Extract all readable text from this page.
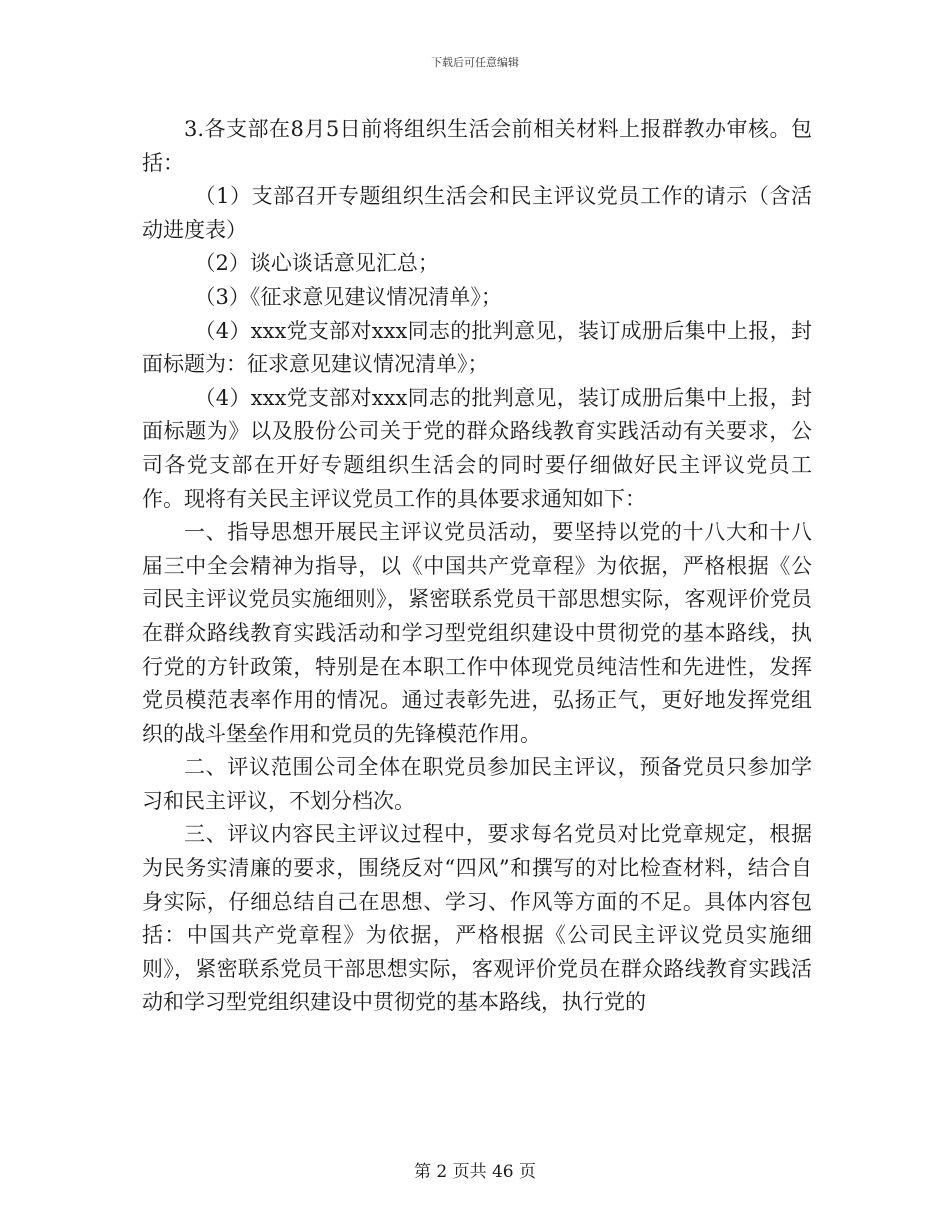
下载后可任意编辑

3.各支部在8月5日前将组织生活会前相关材料上报群教办审核。包括：

（1）支部召开专题组织生活会和民主评议党员工作的请示（含活动进度表）

（2）谈心谈话意见汇总；

（3）《征求意见建议情况清单》；

（4）xxx党支部对xxx同志的批判意见，装订成册后集中上报，封面标题为：征求意见建议情况清单》；

（4）xxx党支部对xxx同志的批判意见，装订成册后集中上报，封面标题为》以及股份公司关于党的群众路线教育实践活动有关要求，公司各党支部在开好专题组织生活会的同时要仔细做好民主评议党员工作。现将有关民主评议党员工作的具体要求通知如下：

一、指导思想开展民主评议党员活动，要坚持以党的十八大和十八届三中全会精神为指导，以《中国共产党章程》为依据，严格根据《公司民主评议党员实施细则》，紧密联系党员干部思想实际，客观评价党员在群众路线教育实践活动和学习型党组织建设中贯彻党的基本路线，执行党的方针政策，特别是在本职工作中体现党员纯洁性和先进性，发挥党员模范表率作用的情况。通过表彰先进，弘扬正气，更好地发挥党组织的战斗堡垒作用和党员的先锋模范作用。

二、评议范围公司全体在职党员参加民主评议，预备党员只参加学习和民主评议，不划分档次。

三、评议内容民主评议过程中，要求每名党员对比党章规定，根据为民务实清廉的要求，围绕反对“四风”和撰写的对比检查材料，结合自身实际，仔细总结自己在思想、学习、作风等方面的不足。具体内容包括：中国共产党章程》为依据，严格根据《公司民主评议党员实施细则》，紧密联系党员干部思想实际，客观评价党员在群众路线教育实践活动和学习型党组织建设中贯彻党的基本路线，执行党的

第 2 页共 46 页
